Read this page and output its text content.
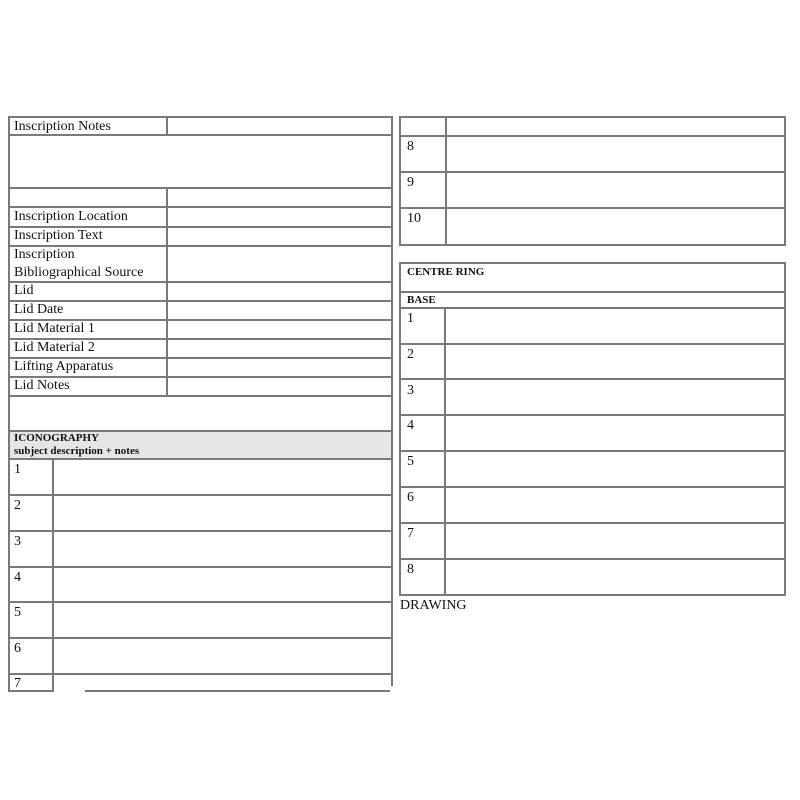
Inscription Notes
Inscription Location
Inscription Text
Inscription
Bibliographical Source
Lid
Lid Date
Lid Material 1
Lid Material 2
Lifting Apparatus
Lid Notes
ICONOGRAPHY
subject description + notes
1
2
3
4
5
6
7
8
9
10
CENTRE RING
BASE
1
2
3
4
5
6
7
8
DRAWING
